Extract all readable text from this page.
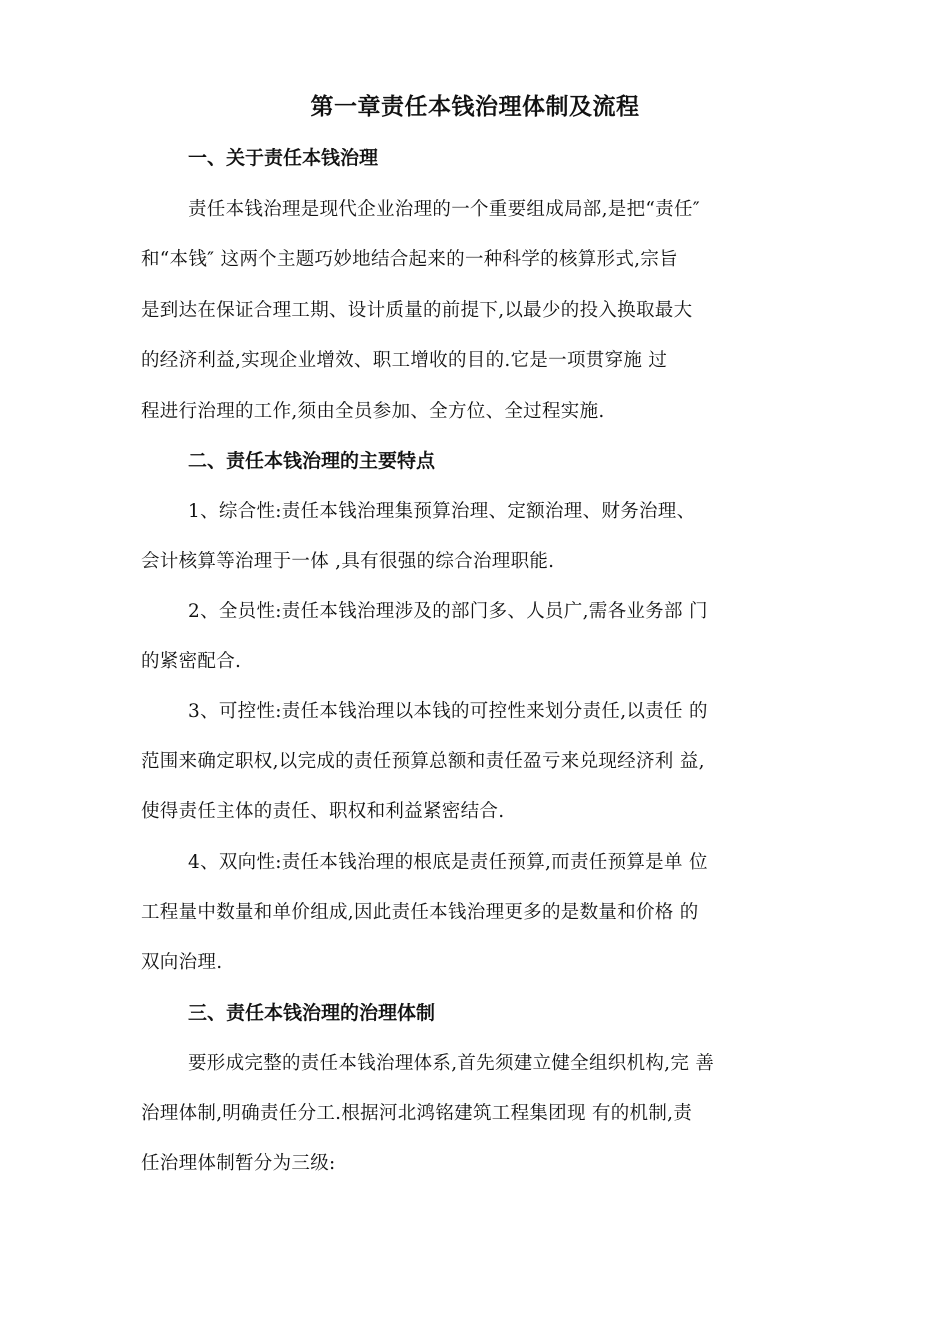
第一章责任本钱治理体制及流程
一、关于责任本钱治理
责任本钱治理是现代企业治理的一个重要组成局部,是把“责任″
和“本钱″ 这两个主题巧妙地结合起来的一种科学的核算形式,宗旨
是到达在保证合理工期、设计质量的前提下,以最少的投入换取最大
的经济利益,实现企业增效、职工增收的目的.它是一项贯穿施 过
程进行治理的工作,须由全员参加、全方位、全过程实施.
二、责任本钱治理的主要特点
1、综合性:责任本钱治理集预算治理、定额治理、财务治理、
会计核算等治理于一体 ,具有很强的综合治理职能.
2、全员性:责任本钱治理涉及的部门多、人员广,需各业务部 门
的紧密配合.
3、可控性:责任本钱治理以本钱的可控性来划分责任,以责任 的
范围来确定职权,以完成的责任预算总额和责任盈亏来兑现经济利 益,
使得责任主体的责任、职权和利益紧密结合.
4、双向性:责任本钱治理的根底是责任预算,而责任预算是单 位
工程量中数量和单价组成,因此责任本钱治理更多的是数量和价格 的
双向治理.
三、责任本钱治理的治理体制
要形成完整的责任本钱治理体系,首先须建立健全组织机构,完 善
治理体制,明确责任分工.根据河北鸿铭建筑工程集团现 有的机制,责
任治理体制暂分为三级:
